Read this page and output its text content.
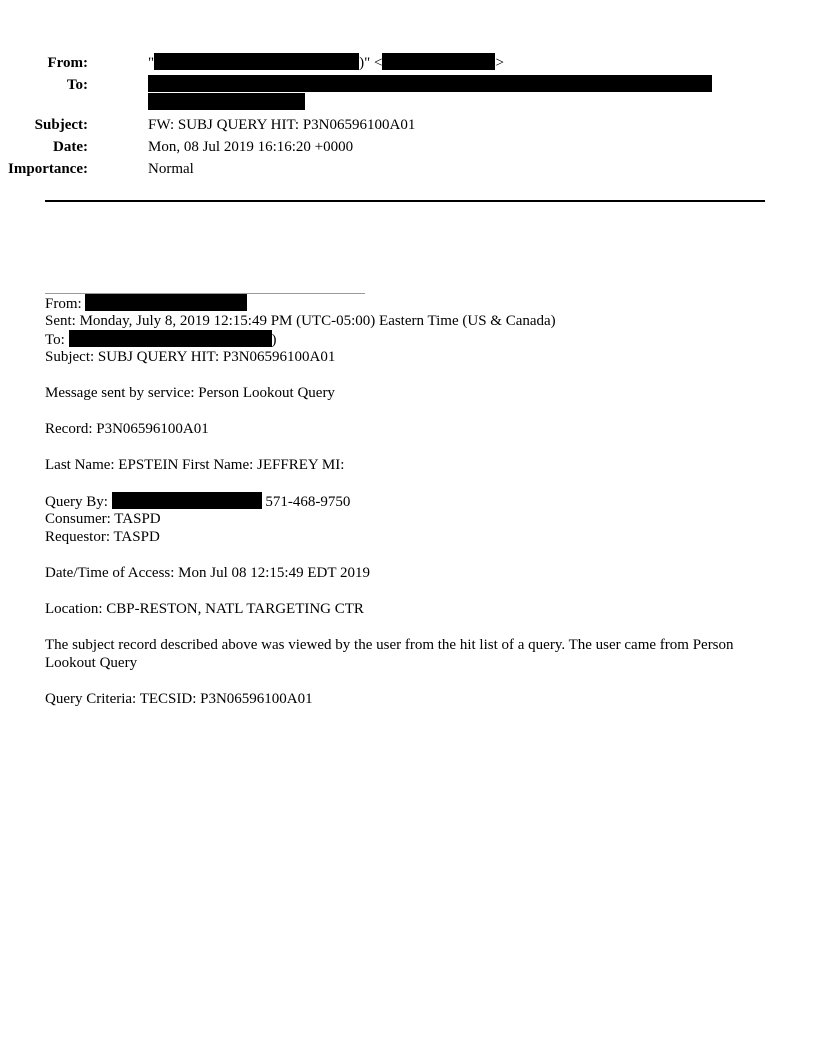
From:	"	)" <	>
To:
Subject:	FW: SUBJ QUERY HIT: P3N06596100A01
Date:	Mon, 08 Jul 2019 16:16:20 +0000
Importance:	Normal
From:
Sent: Monday, July 8, 2019 12:15:49 PM (UTC-05:00) Eastern Time (US & Canada)
To:	)
Subject: SUBJ QUERY HIT: P3N06596100A01
Message sent by service: Person Lookout Query
Record: P3N06596100A01
Last Name: EPSTEIN First Name: JEFFREY MI:
Query By:	571-468-9750
Consumer: TASPD
Requestor: TASPD
Date/Time of Access: Mon Jul 08 12:15:49 EDT 2019
Location: CBP-RESTON, NATL TARGETING CTR
The subject record described above was viewed by the user from the hit list of a query. The user came from Person Lookout Query
Query Criteria: TECSID: P3N06596100A01
